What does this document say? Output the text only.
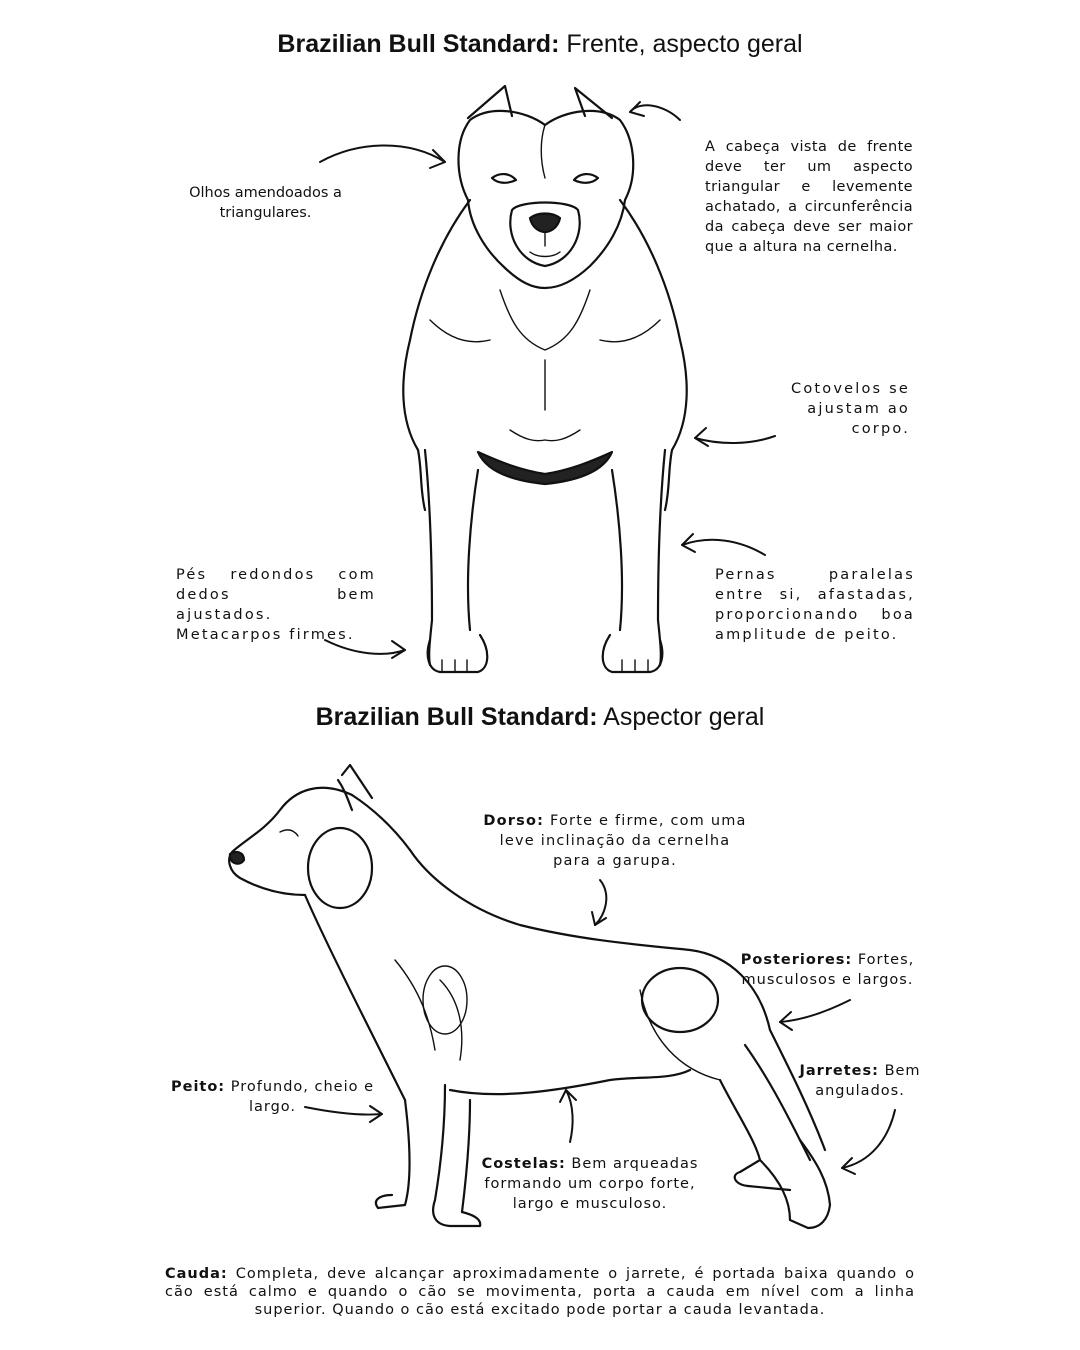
Brazilian Bull Standard: Frente, aspecto geral
Brazilian Bull Standard: Aspector geral
Olhos amendoados a triangulares.
A cabeça vista de frente deve ter um aspecto triangular e levemente achatado, a circunferência da cabeça deve ser maior que a altura na cernelha.
Cotovelos se ajustam ao corpo.
Pés redondos com dedos bem ajustados. Metacarpos firmes.
Pernas paralelas entre si, afastadas, proporcionando boa amplitude de peito.
Dorso: Forte e firme, com uma leve inclinação da cernelha para a garupa.
Posteriores: Fortes, musculosos e largos.
Jarretes: Bem angulados.
Peito: Profundo, cheio e largo.
Costelas: Bem arqueadas formando um corpo forte, largo e musculoso.
Cauda: Completa, deve alcançar aproximadamente o jarrete, é portada baixa quando o cão está calmo e quando o cão se movimenta, porta a cauda em nível com a linha superior. Quando o cão está excitado pode portar a cauda levantada.
